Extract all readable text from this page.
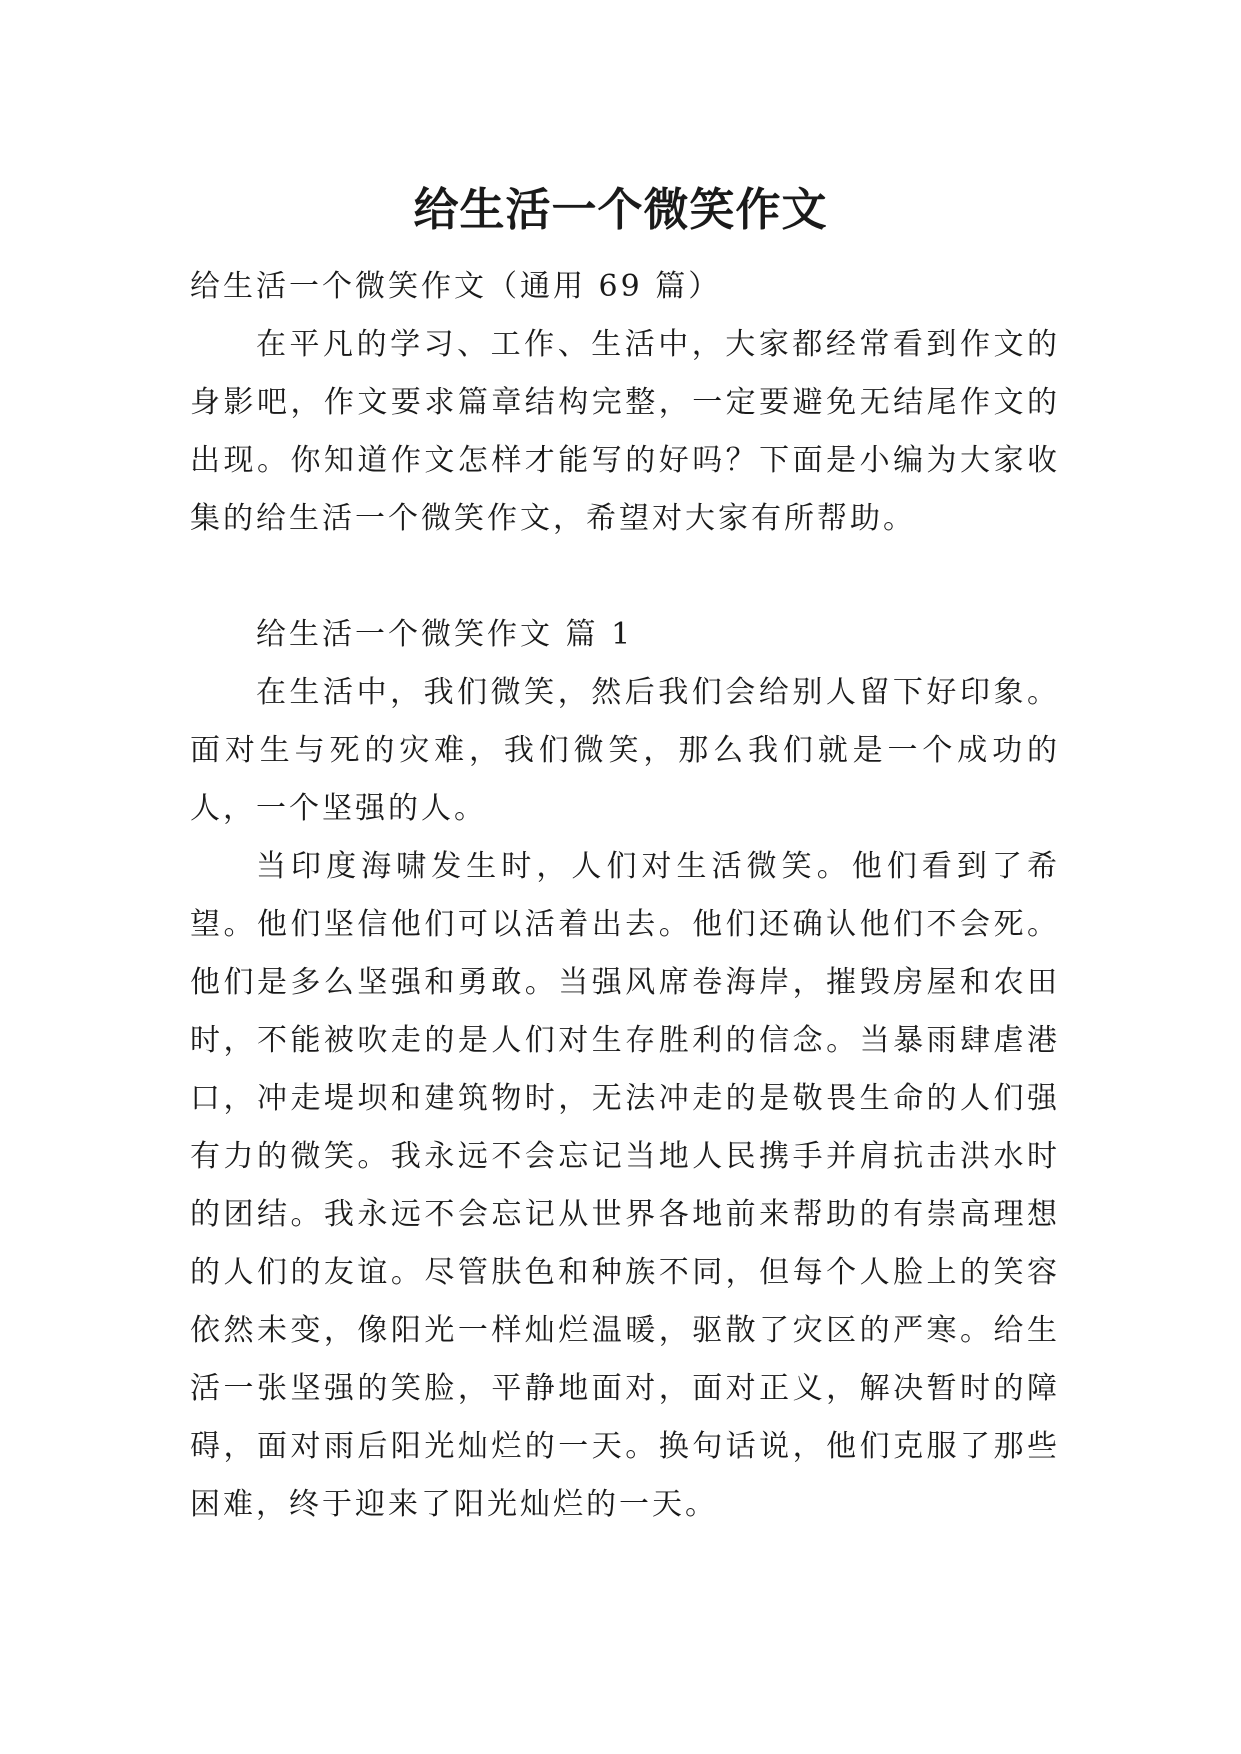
给生活一个微笑作文

给生活一个微笑作文（通用 69 篇）

在平凡的学习、工作、生活中，大家都经常看到作文的身影吧，作文要求篇章结构完整，一定要避免无结尾作文的出现。你知道作文怎样才能写的好吗？下面是小编为大家收集的给生活一个微笑作文，希望对大家有所帮助。

给生活一个微笑作文 篇 1

在生活中，我们微笑，然后我们会给别人留下好印象。面对生与死的灾难，我们微笑，那么我们就是一个成功的人，一个坚强的人。

当印度海啸发生时，人们对生活微笑。他们看到了希望。他们坚信他们可以活着出去。他们还确认他们不会死。他们是多么坚强和勇敢。当强风席卷海岸，摧毁房屋和农田时，不能被吹走的是人们对生存胜利的信念。当暴雨肆虐港口，冲走堤坝和建筑物时，无法冲走的是敬畏生命的人们强有力的微笑。我永远不会忘记当地人民携手并肩抗击洪水时的团结。我永远不会忘记从世界各地前来帮助的有崇高理想的人们的友谊。尽管肤色和种族不同，但每个人脸上的笑容依然未变，像阳光一样灿烂温暖，驱散了灾区的严寒。给生活一张坚强的笑脸，平静地面对，面对正义，解决暂时的障碍，面对雨后阳光灿烂的一天。换句话说，他们克服了那些困难，终于迎来了阳光灿烂的一天。
